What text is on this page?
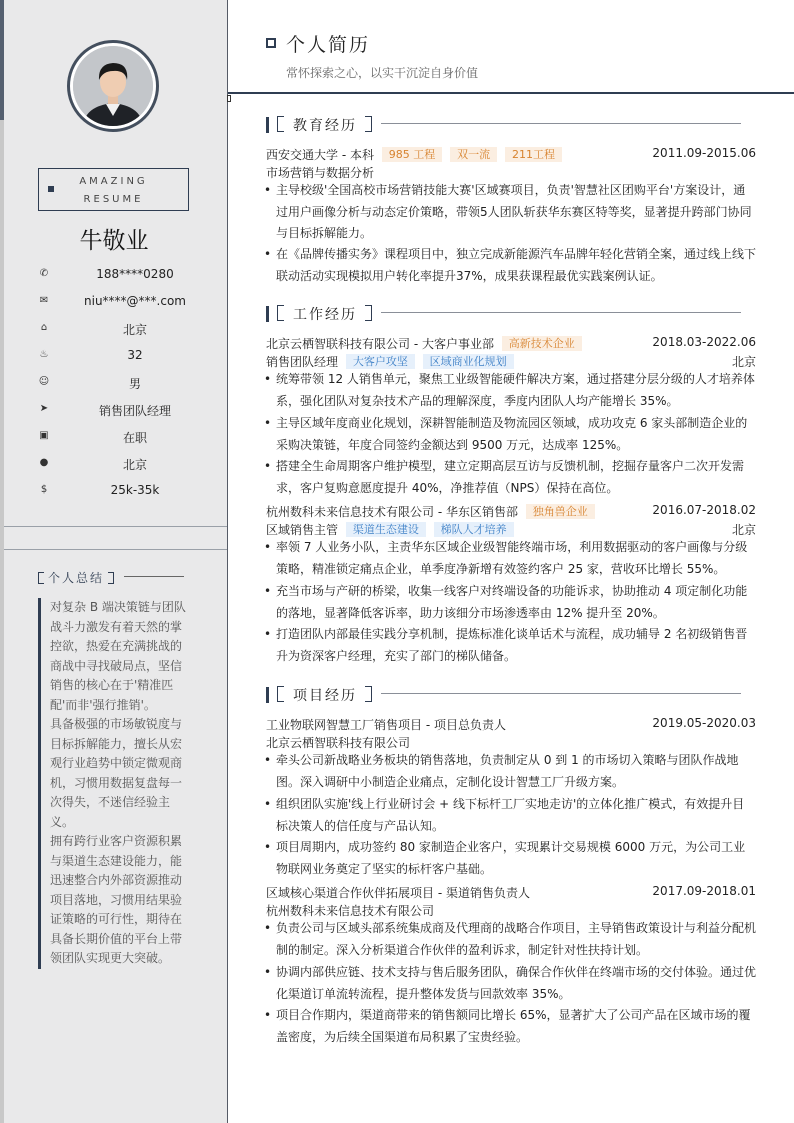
AMAZING
RESUME
牛敬业
✆	188****0280
✉	niu****@***.com
⌂	北京
♨	32
☺	男
➤	销售团队经理
▣	在职
●	北京
$	25k-35k
个人总结
对复杂 B 端决策链与团队战斗力激发有着天然的掌控欲，热爱在充满挑战的商战中寻找破局点，坚信销售的核心在于'精准匹配'而非'强行推销'。
具备极强的市场敏锐度与目标拆解能力，擅长从宏观行业趋势中锁定微观商机，习惯用数据复盘每一次得失，不迷信经验主义。
拥有跨行业客户资源积累与渠道生态建设能力，能迅速整合内外部资源推动项目落地，习惯用结果验证策略的可行性，期待在具备长期价值的平台上带领团队实现更大突破。
个人简历
常怀探索之心，以实干沉淀自身价值
教育经历
西安交通大学 - 本科 985 工程 双一流 211工程	2011.09-2015.06
市场营销与数据分析
• 主导校级'全国高校市场营销技能大赛'区域赛项目，负责'智慧社区团购平台'方案设计，通过用户画像分析与动态定价策略，带领5人团队斩获华东赛区特等奖，显著提升跨部门协同与目标拆解能力。
• 在《品牌传播实务》课程项目中，独立完成新能源汽车品牌年轻化营销全案，通过线上线下联动活动实现模拟用户转化率提升37%，成果获课程最优实践案例认证。
工作经历
北京云栖智联科技有限公司 - 大客户事业部 高新技术企业	2018.03-2022.06
销售团队经理 大客户攻坚 区域商业化规划	北京
• 统筹带领 12 人销售单元，聚焦工业级智能硬件解决方案，通过搭建分层分级的人才培养体系，强化团队对复杂技术产品的理解深度，季度内团队人均产能增长 35%。
• 主导区域年度商业化规划，深耕智能制造及物流园区领域，成功攻克 6 家头部制造企业的采购决策链，年度合同签约金额达到 9500 万元，达成率 125%。
• 搭建全生命周期客户维护模型，建立定期高层互访与反馈机制，挖掘存量客户二次开发需求，客户复购意愿度提升 40%，净推荐值（NPS）保持在高位。
杭州数科未来信息技术有限公司 - 华东区销售部 独角兽企业	2016.07-2018.02
区域销售主管 渠道生态建设 梯队人才培养	北京
• 率领 7 人业务小队，主责华东区域企业级智能终端市场，利用数据驱动的客户画像与分级策略，精准锁定痛点企业，单季度净新增有效签约客户 25 家，营收环比增长 55%。
• 充当市场与产研的桥梁，收集一线客户对终端设备的功能诉求，协助推动 4 项定制化功能的落地，显著降低客诉率，助力该细分市场渗透率由 12% 提升至 20%。
• 打造团队内部最佳实践分享机制，提炼标准化谈单话术与流程，成功辅导 2 名初级销售晋升为资深客户经理，充实了部门的梯队储备。
项目经历
工业物联网智慧工厂销售项目 - 项目总负责人	2019.05-2020.03
北京云栖智联科技有限公司
• 牵头公司新战略业务板块的销售落地，负责制定从 0 到 1 的市场切入策略与团队作战地图。深入调研中小制造企业痛点，定制化设计智慧工厂升级方案。
• 组织团队实施'线上行业研讨会 + 线下标杆工厂实地走访'的立体化推广模式，有效提升目标决策人的信任度与产品认知。
• 项目周期内，成功签约 80 家制造企业客户，实现累计交易规模 6000 万元，为公司工业物联网业务奠定了坚实的标杆客户基础。
区域核心渠道合作伙伴拓展项目 - 渠道销售负责人	2017.09-2018.01
杭州数科未来信息技术有限公司
• 负责公司与区域头部系统集成商及代理商的战略合作项目，主导销售政策设计与利益分配机制的制定。深入分析渠道合作伙伴的盈利诉求，制定针对性扶持计划。
• 协调内部供应链、技术支持与售后服务团队，确保合作伙伴在终端市场的交付体验。通过优化渠道订单流转流程，提升整体发货与回款效率 35%。
• 项目合作期内，渠道商带来的销售额同比增长 65%，显著扩大了公司产品在区域市场的覆盖密度，为后续全国渠道布局积累了宝贵经验。
